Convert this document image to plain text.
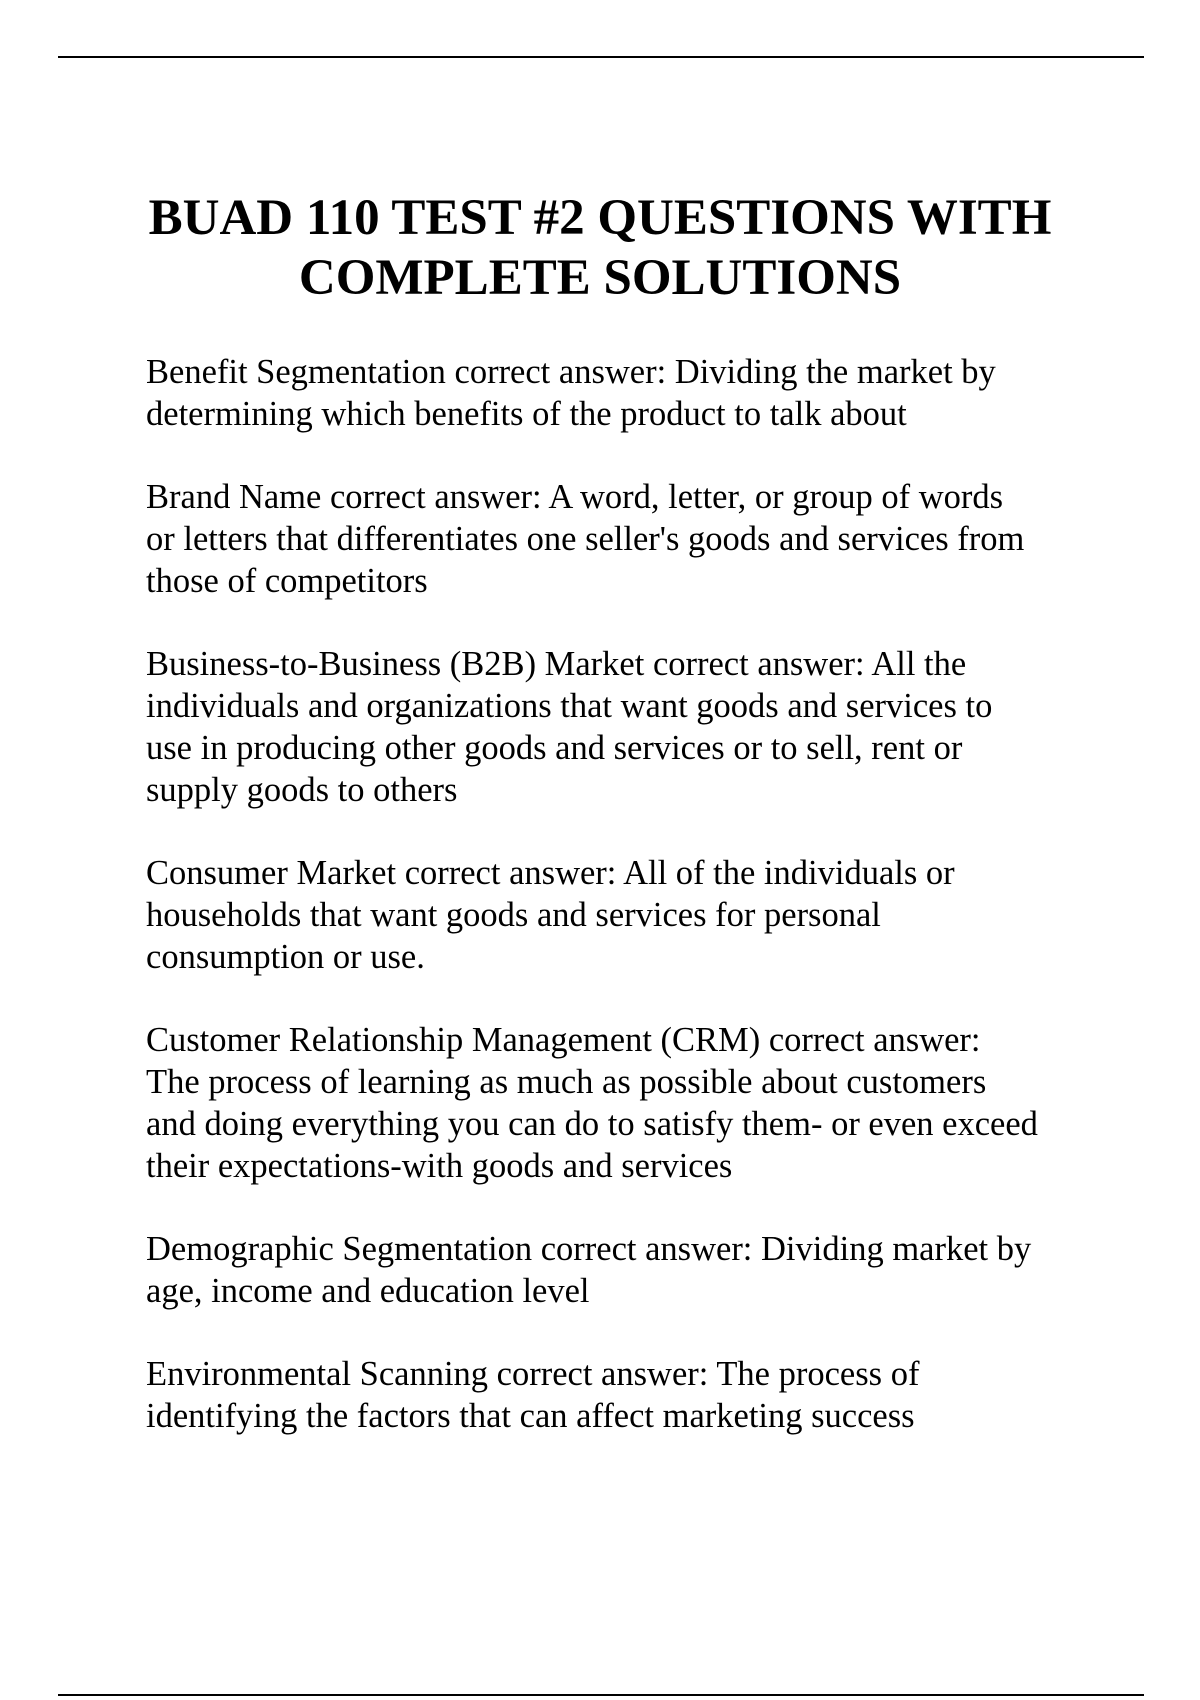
BUAD 110 TEST #2 QUESTIONS WITH
COMPLETE SOLUTIONS

Benefit Segmentation correct answer: Dividing the market by
determining which benefits of the product to talk about

Brand Name correct answer: A word, letter, or group of words
or letters that differentiates one seller's goods and services from
those of competitors

Business-to-Business (B2B) Market correct answer: All the
individuals and organizations that want goods and services to
use in producing other goods and services or to sell, rent or
supply goods to others

Consumer Market correct answer: All of the individuals or
households that want goods and services for personal
consumption or use.

Customer Relationship Management (CRM) correct answer:
The process of learning as much as possible about customers
and doing everything you can do to satisfy them- or even exceed
their expectations-with goods and services

Demographic Segmentation correct answer: Dividing market by
age, income and education level

Environmental Scanning correct answer: The process of
identifying the factors that can affect marketing success
